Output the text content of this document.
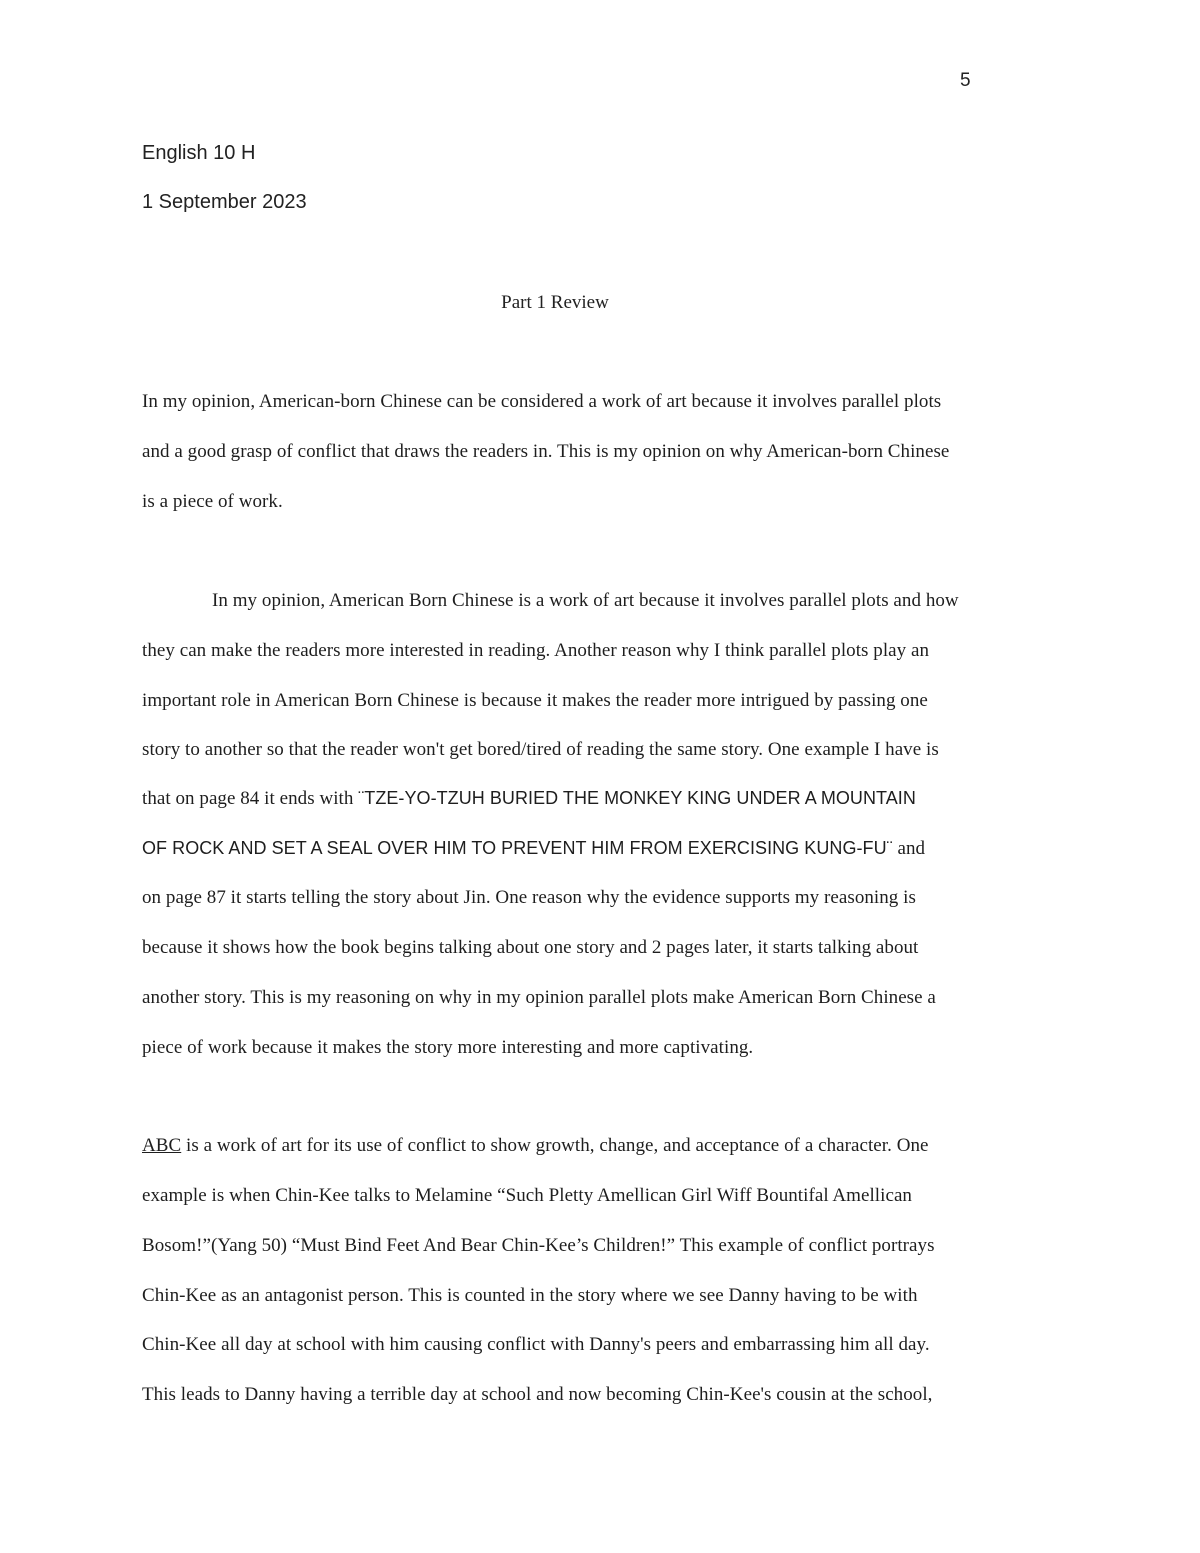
5
English 10 H
1 September 2023
Part 1 Review
In my opinion, American-born Chinese can be considered a work of art because it involves parallel plots
and a good grasp of conflict that draws the readers in. This is my opinion on why American-born Chinese
is a piece of work.
In my opinion, American Born Chinese is a work of art because it involves parallel plots and how
they can make the readers more interested in reading. Another reason why I think parallel plots play an
important role in American Born Chinese is because it makes the reader more intrigued by passing one
story to another so that the reader won't get bored/tired of reading the same story. One example I have is
that on page 84 it ends with ¨TZE-YO-TZUH BURIED THE MONKEY KING UNDER A MOUNTAIN
OF ROCK AND SET A SEAL OVER HIM TO PREVENT HIM FROM EXERCISING KUNG-FU¨ and
on page 87 it starts telling the story about Jin. One reason why the evidence supports my reasoning is
because it shows how the book begins talking about one story and 2 pages later, it starts talking about
another story. This is my reasoning on why in my opinion parallel plots make American Born Chinese a
piece of work because it makes the story more interesting and more captivating.
ABC is a work of art for its use of conflict to show growth, change, and acceptance of a character. One
example is when Chin-Kee talks to Melamine “Such Pletty Amellican Girl Wiff Bountifal Amellican
Bosom!”(Yang 50) “Must Bind Feet And Bear Chin-Kee’s Children!” This example of conflict portrays
Chin-Kee as an antagonist person. This is counted in the story where we see Danny having to be with
Chin-Kee all day at school with him causing conflict with Danny's peers and embarrassing him all day.
This leads to Danny having a terrible day at school and now becoming Chin-Kee's cousin at the school,
